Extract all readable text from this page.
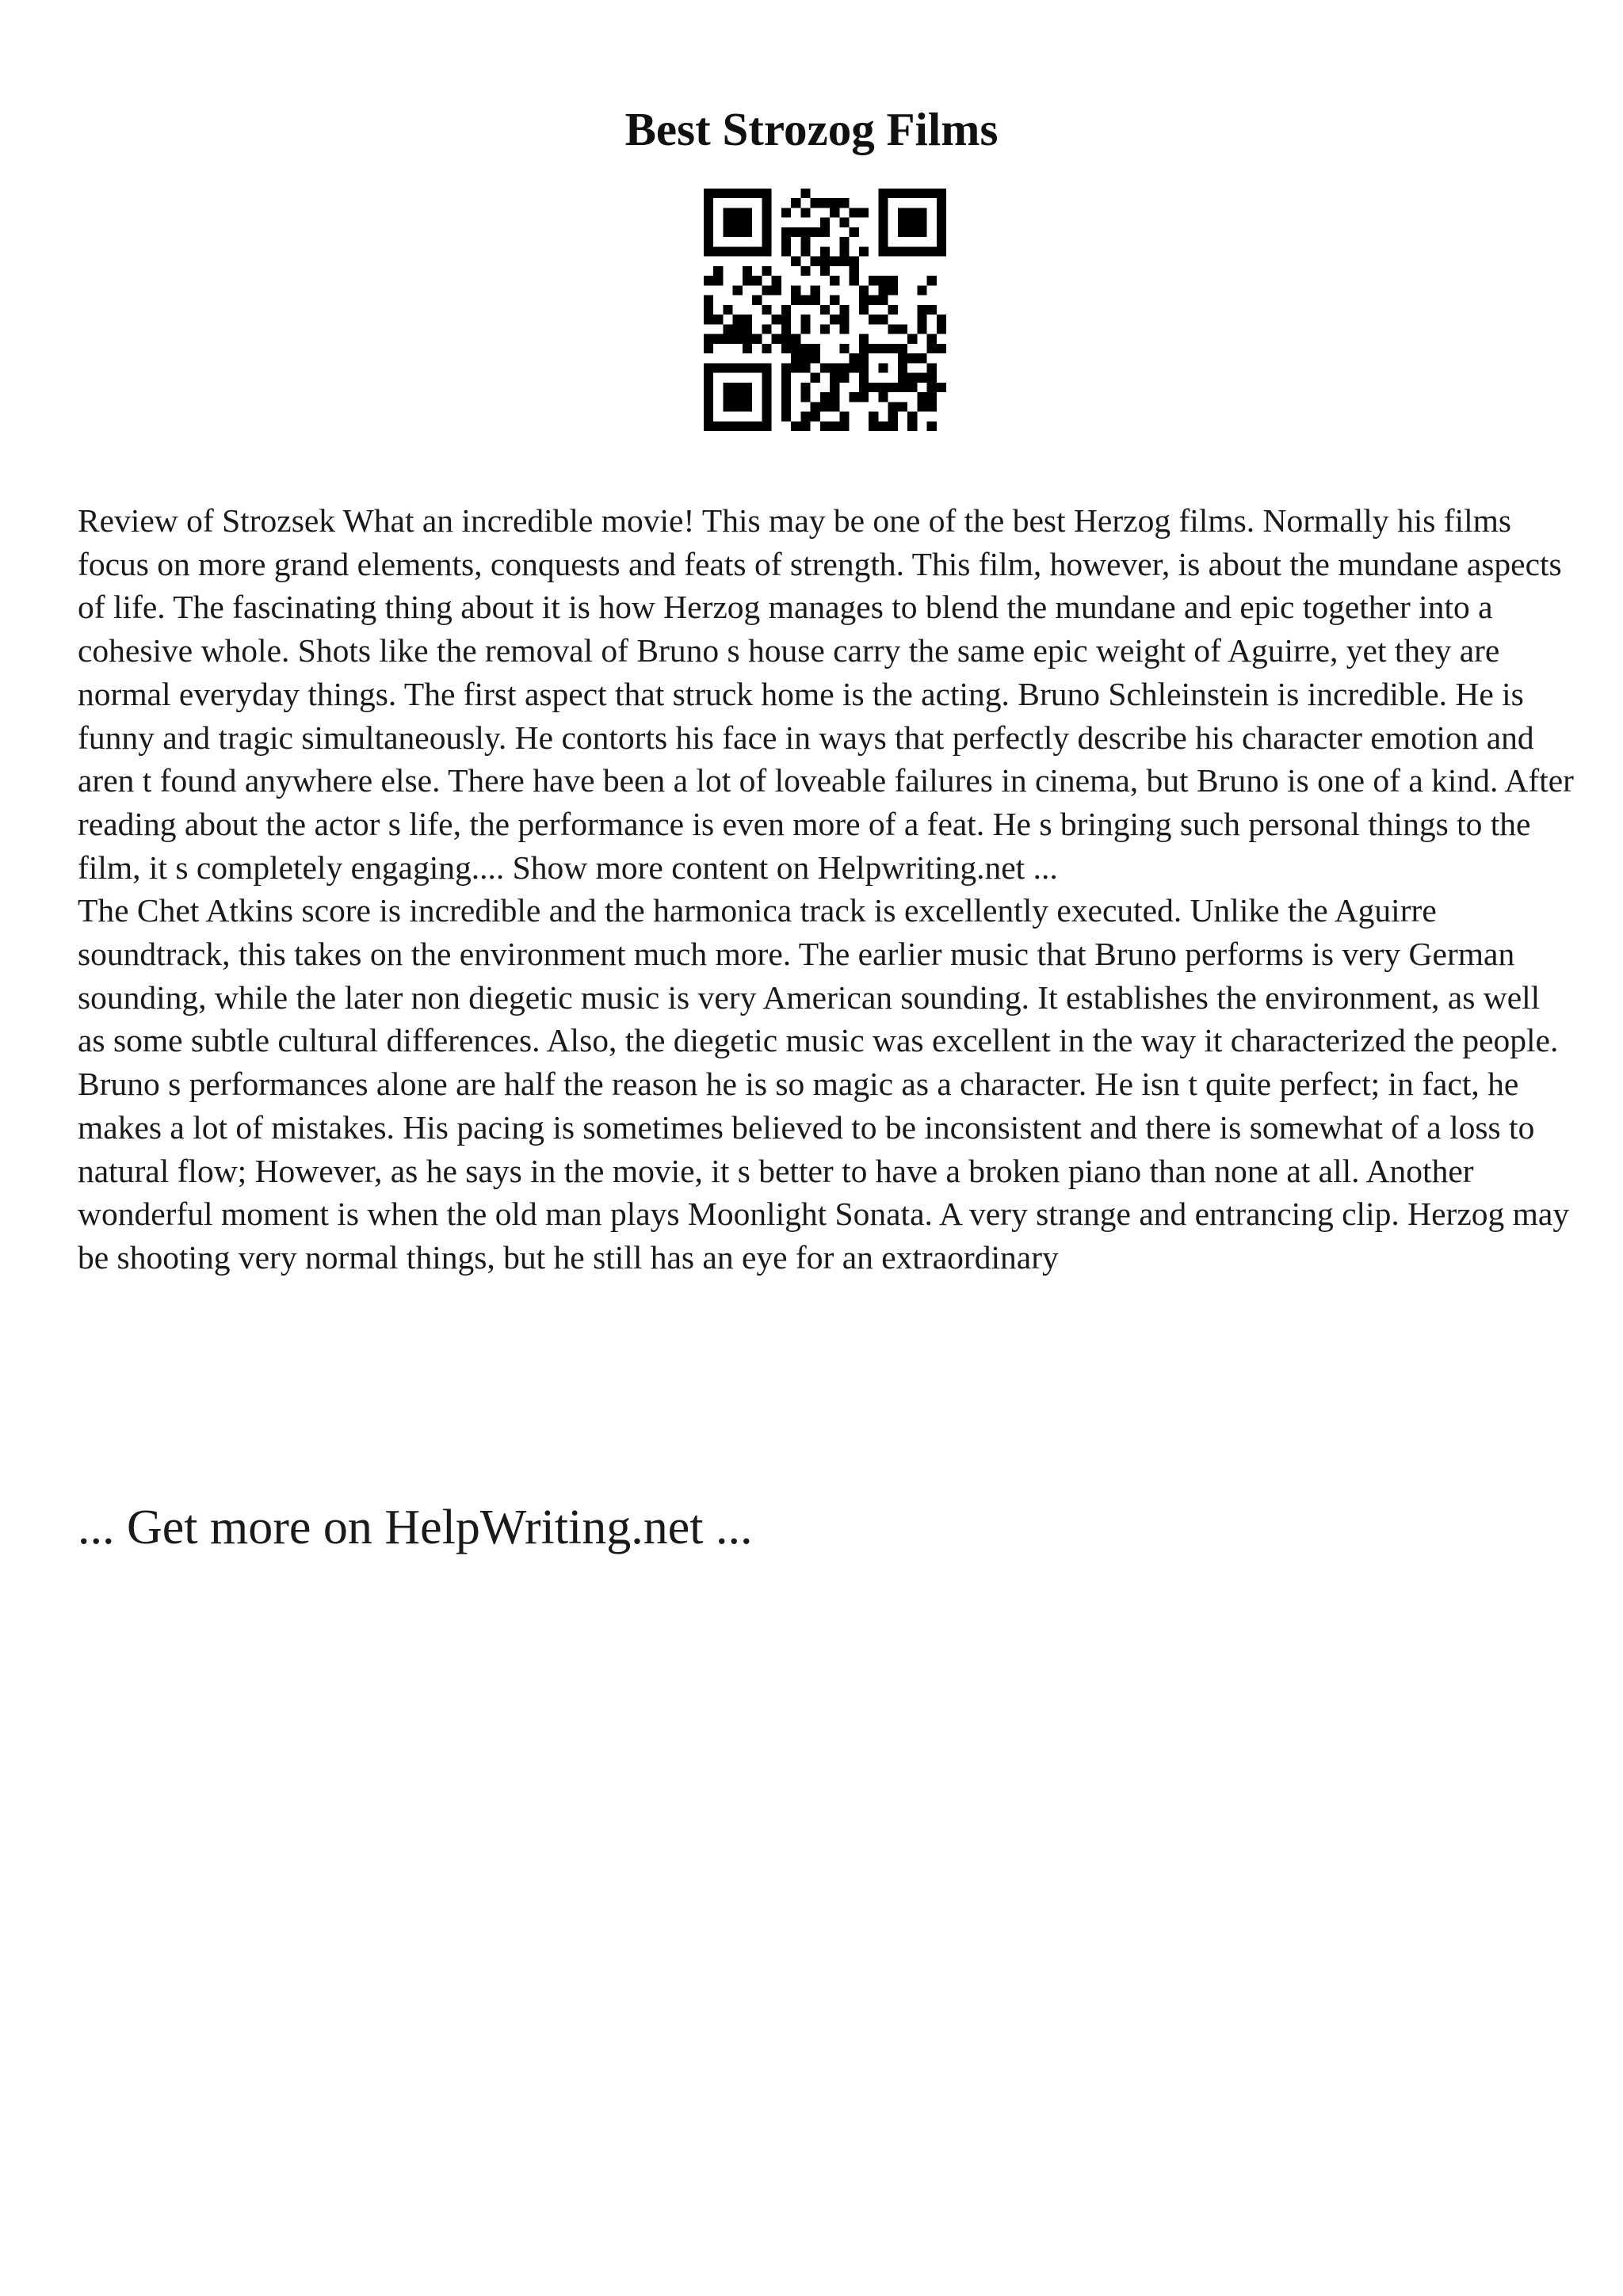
Best Strozog Films

Review of Strozsek What an incredible movie! This may be one of the best Herzog films. Normally his films focus on more grand elements, conquests and feats of strength. This film, however, is about the mundane aspects of life. The fascinating thing about it is how Herzog manages to blend the mundane and epic together into a cohesive whole. Shots like the removal of Bruno s house carry the same epic weight of Aguirre, yet they are normal everyday things. The first aspect that struck home is the acting. Bruno Schleinstein is incredible. He is funny and tragic simultaneously. He contorts his face in ways that perfectly describe his character emotion and aren t found anywhere else. There have been a lot of loveable failures in cinema, but Bruno is one of a kind. After reading about the actor s life, the performance is even more of a feat. He s bringing such personal things to the film, it s completely engaging.... Show more content on Helpwriting.net ...

The Chet Atkins score is incredible and the harmonica track is excellently executed. Unlike the Aguirre soundtrack, this takes on the environment much more. The earlier music that Bruno performs is very German sounding, while the later non diegetic music is very American sounding. It establishes the environment, as well as some subtle cultural differences. Also, the diegetic music was excellent in the way it characterized the people. Bruno s performances alone are half the reason he is so magic as a character. He isn t quite perfect; in fact, he makes a lot of mistakes. His pacing is sometimes believed to be inconsistent and there is somewhat of a loss to natural flow; However, as he says in the movie, it s better to have a broken piano than none at all. Another wonderful moment is when the old man plays Moonlight Sonata. A very strange and entrancing clip. Herzog may be shooting very normal things, but he still has an eye for an extraordinary

... Get more on HelpWriting.net ...
